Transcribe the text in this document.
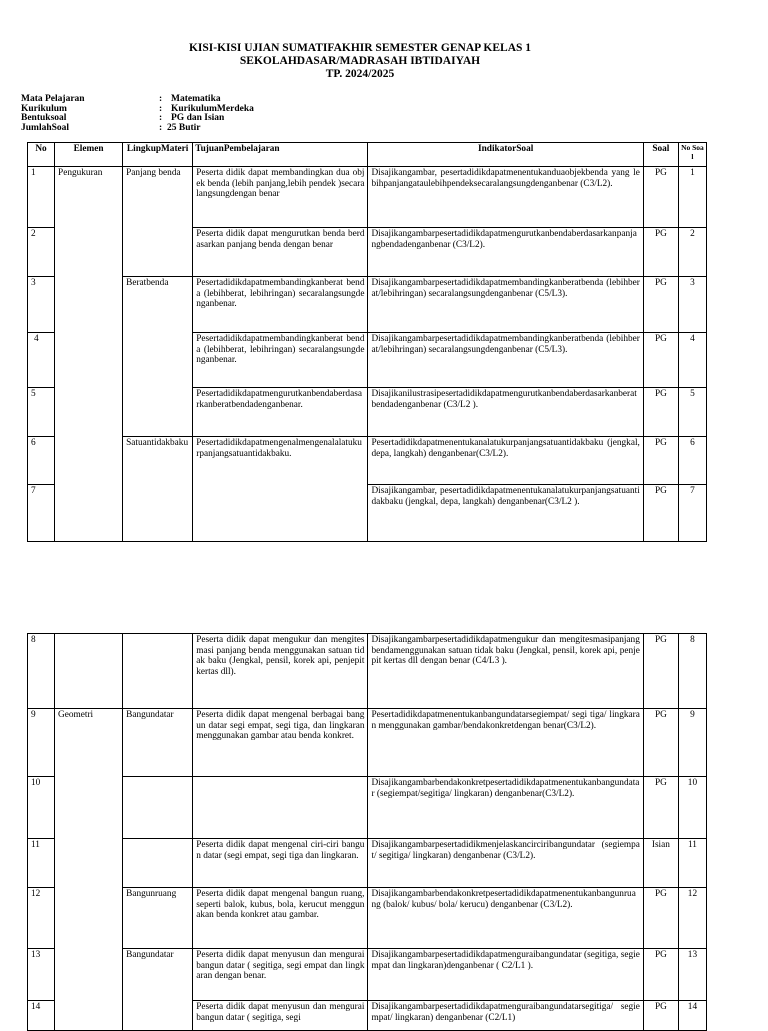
KISI-KISI UJIAN SUMATIFAKHIR SEMESTER GENAP KELAS 1
SEKOLAHDASAR/MADRASAH IBTIDAIYAH
TP. 2024/2025
Mata Pelajaran	: Matematika
Kurikulum	: KurikulumMerdeka
Bentuksoal	: PG dan Isian
JumlahSoal	: 25 Butir
No	Elemen	LingkupMateri	TujuanPembelajaran	IndikatorSoal	Soal	No Soal
1	Pengukuran	Panjang benda	Peserta didik dapat membandingkan dua objek benda (lebih panjang,lebih pendek )secara langsungdengan benar	Disajikangambar, pesertadidikdapatmenentukanduaobjekbenda yang lebihpanjangataulebihpendeksecaralangsungdenganbenar (C3/L2).	PG	1
2			Peserta didik dapat mengurutkan benda berdasarkan panjang benda dengan benar	Disajikangambarpesertadidikdapatmengurutkanbendaberdasarkanpanjangbendadenganbenar (C3/L2).	PG	2
3		Beratbenda	Pesertadidikdapatmembandingkanberat benda (lebihberat, lebihringan) secaralangsungdenganbenar.	Disajikangambarpesertadidikdapatmembandingkanberatbenda (lebihberat/lebihringan) secaralangsungdenganbenar (C5/L3).	PG	3
4			Pesertadidikdapatmembandingkanberat benda (lebihberat, lebihringan) secaralangsungdenganbenar.	Disajikangambarpesertadidikdapatmembandingkanberatbenda (lebihberat/lebihringan) secaralangsungdenganbenar (C5/L3).	PG	4
5			Pesertadidikdapatmengurutkanbendaberdasarkanberatbendadenganbenar.	Disajikanilustrasipesertadidikdapatmengurutkanbendaberdasarkanberatbendadenganbenar (C3/L2 ).	PG	5
6		Satuantidakbaku	Pesertadidikdapatmengenalmengenalalatukurpanjangsatuantidakbaku.	Pesertadidikdapatmenentukanalatukurpanjangsatuantidakbaku (jengkal, depa, langkah) denganbenar(C3/L2).	PG	6
7				Disajikangambar, pesertadidikdapatmenentukanalatukurpanjangsatuantidakbaku (jengkal, depa, langkah) denganbenar(C3/L2 ).	PG	7
8			Peserta didik dapat mengukur dan mengitesmasi panjang benda menggunakan satuan tidak baku (Jengkal, pensil, korek api, penjepit kertas dll).	Disajikangambarpesertadidikdapatmengukur dan mengitesmasipanjangbendamenggunakan satuan tidak baku (Jengkal, pensil, korek api, penjepit kertas dll dengan benar (C4/L3 ).	PG	8
9	Geometri	Bangundatar	Peserta didik dapat mengenal berbagai bangun datar segi empat, segi tiga, dan lingkaran menggunakan gambar atau benda konkret.	Pesertadidikdapatmenentukanbangundatarsegiempat/ segi tiga/ lingkaran menggunakan gambar/bendakonkretdengan benar(C3/L2).	PG	9
10				Disajikangambarbendakonkretpesertadidikdapatmenentukanbangundatar (segiempat/segitiga/ lingkaran) denganbenar(C3/L2).	PG	10
11			Peserta didik dapat mengenal ciri-ciri bangun datar (segi empat, segi tiga dan lingkaran.	Disajikangambarpesertadidikmenjelaskancirciribangundatar (segiempat/ segitiga/ lingkaran) denganbenar (C3/L2).	Isian	11
12		Bangunruang	Peserta didik dapat mengenal bangun ruang, seperti balok, kubus, bola, kerucut menggunakan benda konkret atau gambar.	Disajikangambarbendakonkretpesertadidikdapatmenentukanbangunruang (balok/ kubus/ bola/ kerucu) denganbenar (C3/L2).	PG	12
13		Bangundatar	Peserta didik dapat menyusun dan mengurai bangun datar ( segitiga, segi empat dan lingkaran dengan benar.	Disajikangambarpesertadidikdapatmenguraibangundatar (segitiga, segiempat dan lingkaran)denganbenar ( C2/L1 ).	PG	13
14			Peserta didik dapat menyusun dan mengurai bangun datar ( segitiga, segi	Disajikangambarpesertadidikdapatmenguraibangundatarsegitiga/ segiempat/ lingkaran) denganbenar (C2/L1)	PG	14
